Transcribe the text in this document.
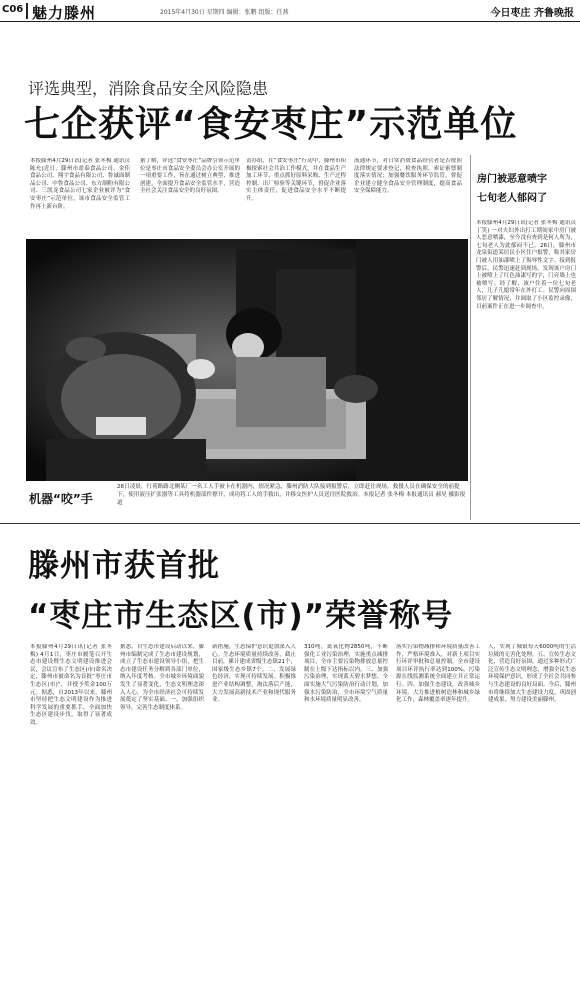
C06 魅力滕州	2015年4月30日 星期四 编辑：张鹏 组版：任燕	今日枣庄 齐鲁晚报
评选典型，消除食品安全风险隐患
七企获评“食安枣庄”示范单位
本报滕州4月29日讯(记者 张冬梅 通讯员 陈允)近日，滕州市盈泰食品公司、金佳食品公司、翔宇食品有限公司、鲁诚面制品公司、中鲁食品公司、东方制粉有限公司、三凯龙食品公司七家企业被评为“食安枣庄”示范单位，该市食品安全监管工作再上新台阶。
据了解，评选“食安枣庄”品牌引领示范单位是枣庄市食品安全委员会办公室开展的一项重要工作，旨在通过树立典型、推进创建，全面提升食品安全监管水平，营造全社会关注食品安全的良好氛围。
责办组，在“食安枣庄”行动中，滕州市积极探索社会共治工作模式，并在食品生产加工环节、重点抓好原料采购、生产过程控制、出厂检验等关键环节，督促企业落实主体责任，促进食品安全水平不断提升。
流通环节，对日常消费食品经营者是否按照法律规定要求登记，检查执照、索证索票制度落实情况；加强餐饮服务环节监管，督促企业建立健全食品安全管理制度，提高食品安全保障能力。
房门被恶意喷字
七旬老人郁闷了
本报滕州4月29日讯(记者 张冬梅 通讯员 丁笑) 一对夫妇外出打工期间家中房门被人恶意喷漆，至今没有查到是何人所为，七旬老人为此郁闷不已。26日，滕州市龙泉街道某居民小区住户报警，称其家房门被人用油漆喷上了侮辱性文字。接到报警后，民警迅速赶到现场，发现该户房门上被喷上了红色油漆写的字，门旁墙上也被喷写。经了解，该户住着一位七旬老人，儿子儿媳常年在外打工。民警向周围邻居了解情况，并调取了小区监控录像，目前案件正在进一步调查中。
机器“咬”手
26日凌晨，红荷路路北侧某厂一名工人手被卡在机器内，情况紧急，滕州消防大队接到报警后，立即赶往现场。救援人员在确保安全的前提下，使用液压扩张器等工具将机器部件撑开，成功将工人的手救出，并移交医护人员送往医院救治。本报记者 张冬梅 本报通讯员 郝昊 摄影报道
滕州市获首批
“枣庄市生态区(市)”荣誉称号
本报滕州4月29日讯(记者 张冬梅) 4月1日，枣庄市履笔召开生态市建设暨生态文明建设推进会议，会议宣布了生态区(市)命名决定，滕州市被命名为首批“枣庄市生态区(市)”，并授予奖金100万元。据悉，自2013年以来，滕州市坚持把生态文明建设作为推进科学发展的重要抓手，全面加快生态区建设步伐，取得了显著成效。
据悉，自生态市建设启动以来，滕州市编制完成了生态市建设规划，成立了生态市建设领导小组，把生态市建设任务分解到各部门单位，纳入年度考核。全市城乡环境面貌发生了显著变化，生态文明理念深入人心，为全市经济社会可持续发展奠定了坚实基础。一、加强组织领导，完善生态制度体系。
新措施，生态保护意识更加深入人心。生态环境质量持续改善，截止目前，累计建成省级生态镇21个，国家级生态乡镇7个。二、发展绿色经济，实现可持续发展。积极推进产业结构调整，淘汰落后产能，大力发展高新技术产业和现代服务业。
310吨，氮氧化物2850吨，不断强化工业污染治理，实施重点减排项目，全市主要污染物排放总量控制在上级下达指标以内。三、加强污染治理，实现蓝天碧水梦想。全面实施大气污染防治行动计划，加强水污染防治，全市环境空气质量和水环境质量明显改善。
落实污染物减排和环境质量改善工作，严格环境准入，对新上项目实行环评审批和总量控制，全市建设项目环评执行率达到100%，污染源在线监测系统全面建立并正常运行。四、加强生态建设，改善城乡环境。大力推进植树造林和城乡绿化工作，森林覆盖率逐年提升。
人，实现了城镇每天6000吨的生活垃圾的无害化处理。五、宣传生态文化，营造良好氛围。通过多种形式广泛宣传生态文明理念，增强全民生态环境保护意识，形成了全社会共同参与生态建设的良好局面。今后，滕州市将继续加大生态建设力度，巩固创建成果，努力建设美丽滕州。
